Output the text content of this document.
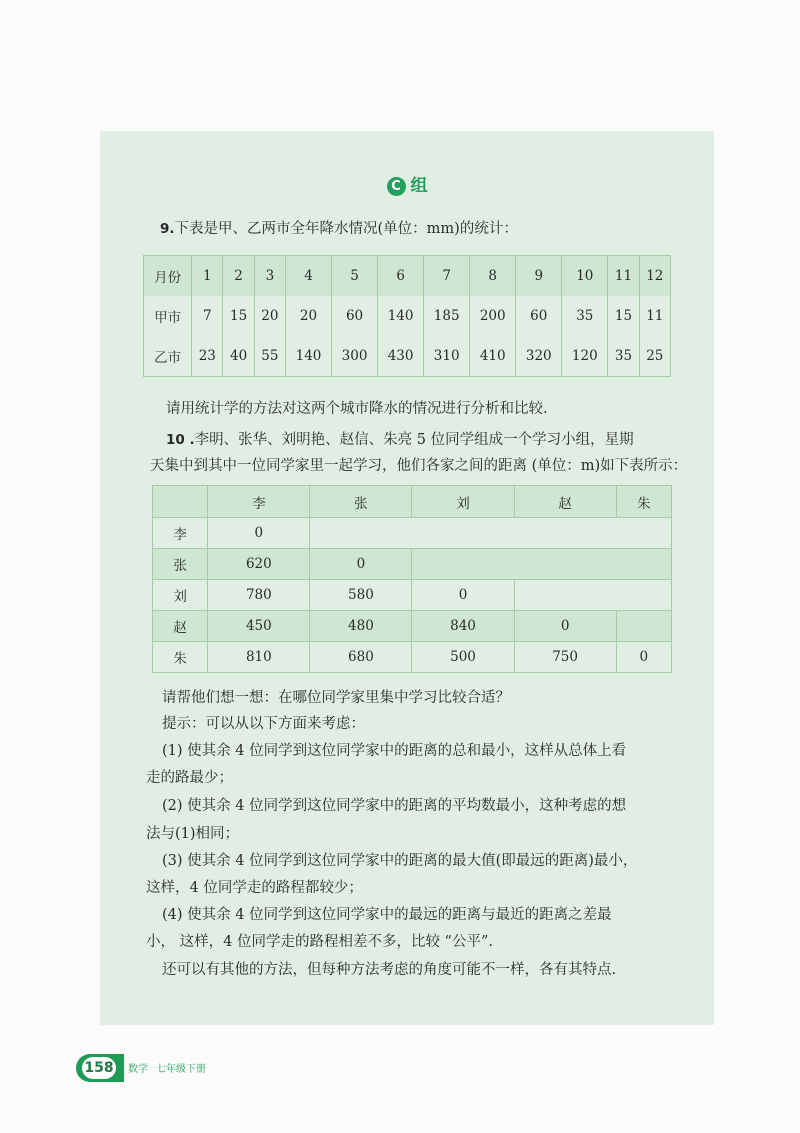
C 组
9.下表是甲、乙两市全年降水情况(单位：mm)的统计：
月份	1	2	3	4	5	6	7	8	9	10	11	12
甲市	7	15	20	20	60	140	185	200	60	35	15	11
乙市	23	40	55	140	300	430	310	410	320	120	35	25
请用统计学的方法对这两个城市降水的情况进行分析和比较.
10 .李明、张华、刘明艳、赵信、朱亮 5 位同学组成一个学习小组，星期
天集中到其中一位同学家里一起学习，他们各家之间的距离 (单位：m)如下表所示：
	李	张	刘	赵	朱
李	0				
张	620	0			
刘	780	580	0		
赵	450	480	840	0	
朱	810	680	500	750	0
请帮他们想一想：在哪位同学家里集中学习比较合适？
提示：可以从以下方面来考虑：
(1) 使其余 4 位同学到这位同学家中的距离的总和最小，这样从总体上看
走的路最少；
(2) 使其余 4 位同学到这位同学家中的距离的平均数最小，这种考虑的想
法与(1)相同；
(3) 使其余 4 位同学到这位同学家中的距离的最大值(即最远的距离)最小，
这样，4 位同学走的路程都较少；
(4) 使其余 4 位同学到这位同学家中的最远的距离与最近的距离之差最
小， 这样，4 位同学走的路程相差不多，比较 “公平”.
还可以有其他的方法，但每种方法考虑的角度可能不一样，各有其特点.
158 数学 七年级下册
